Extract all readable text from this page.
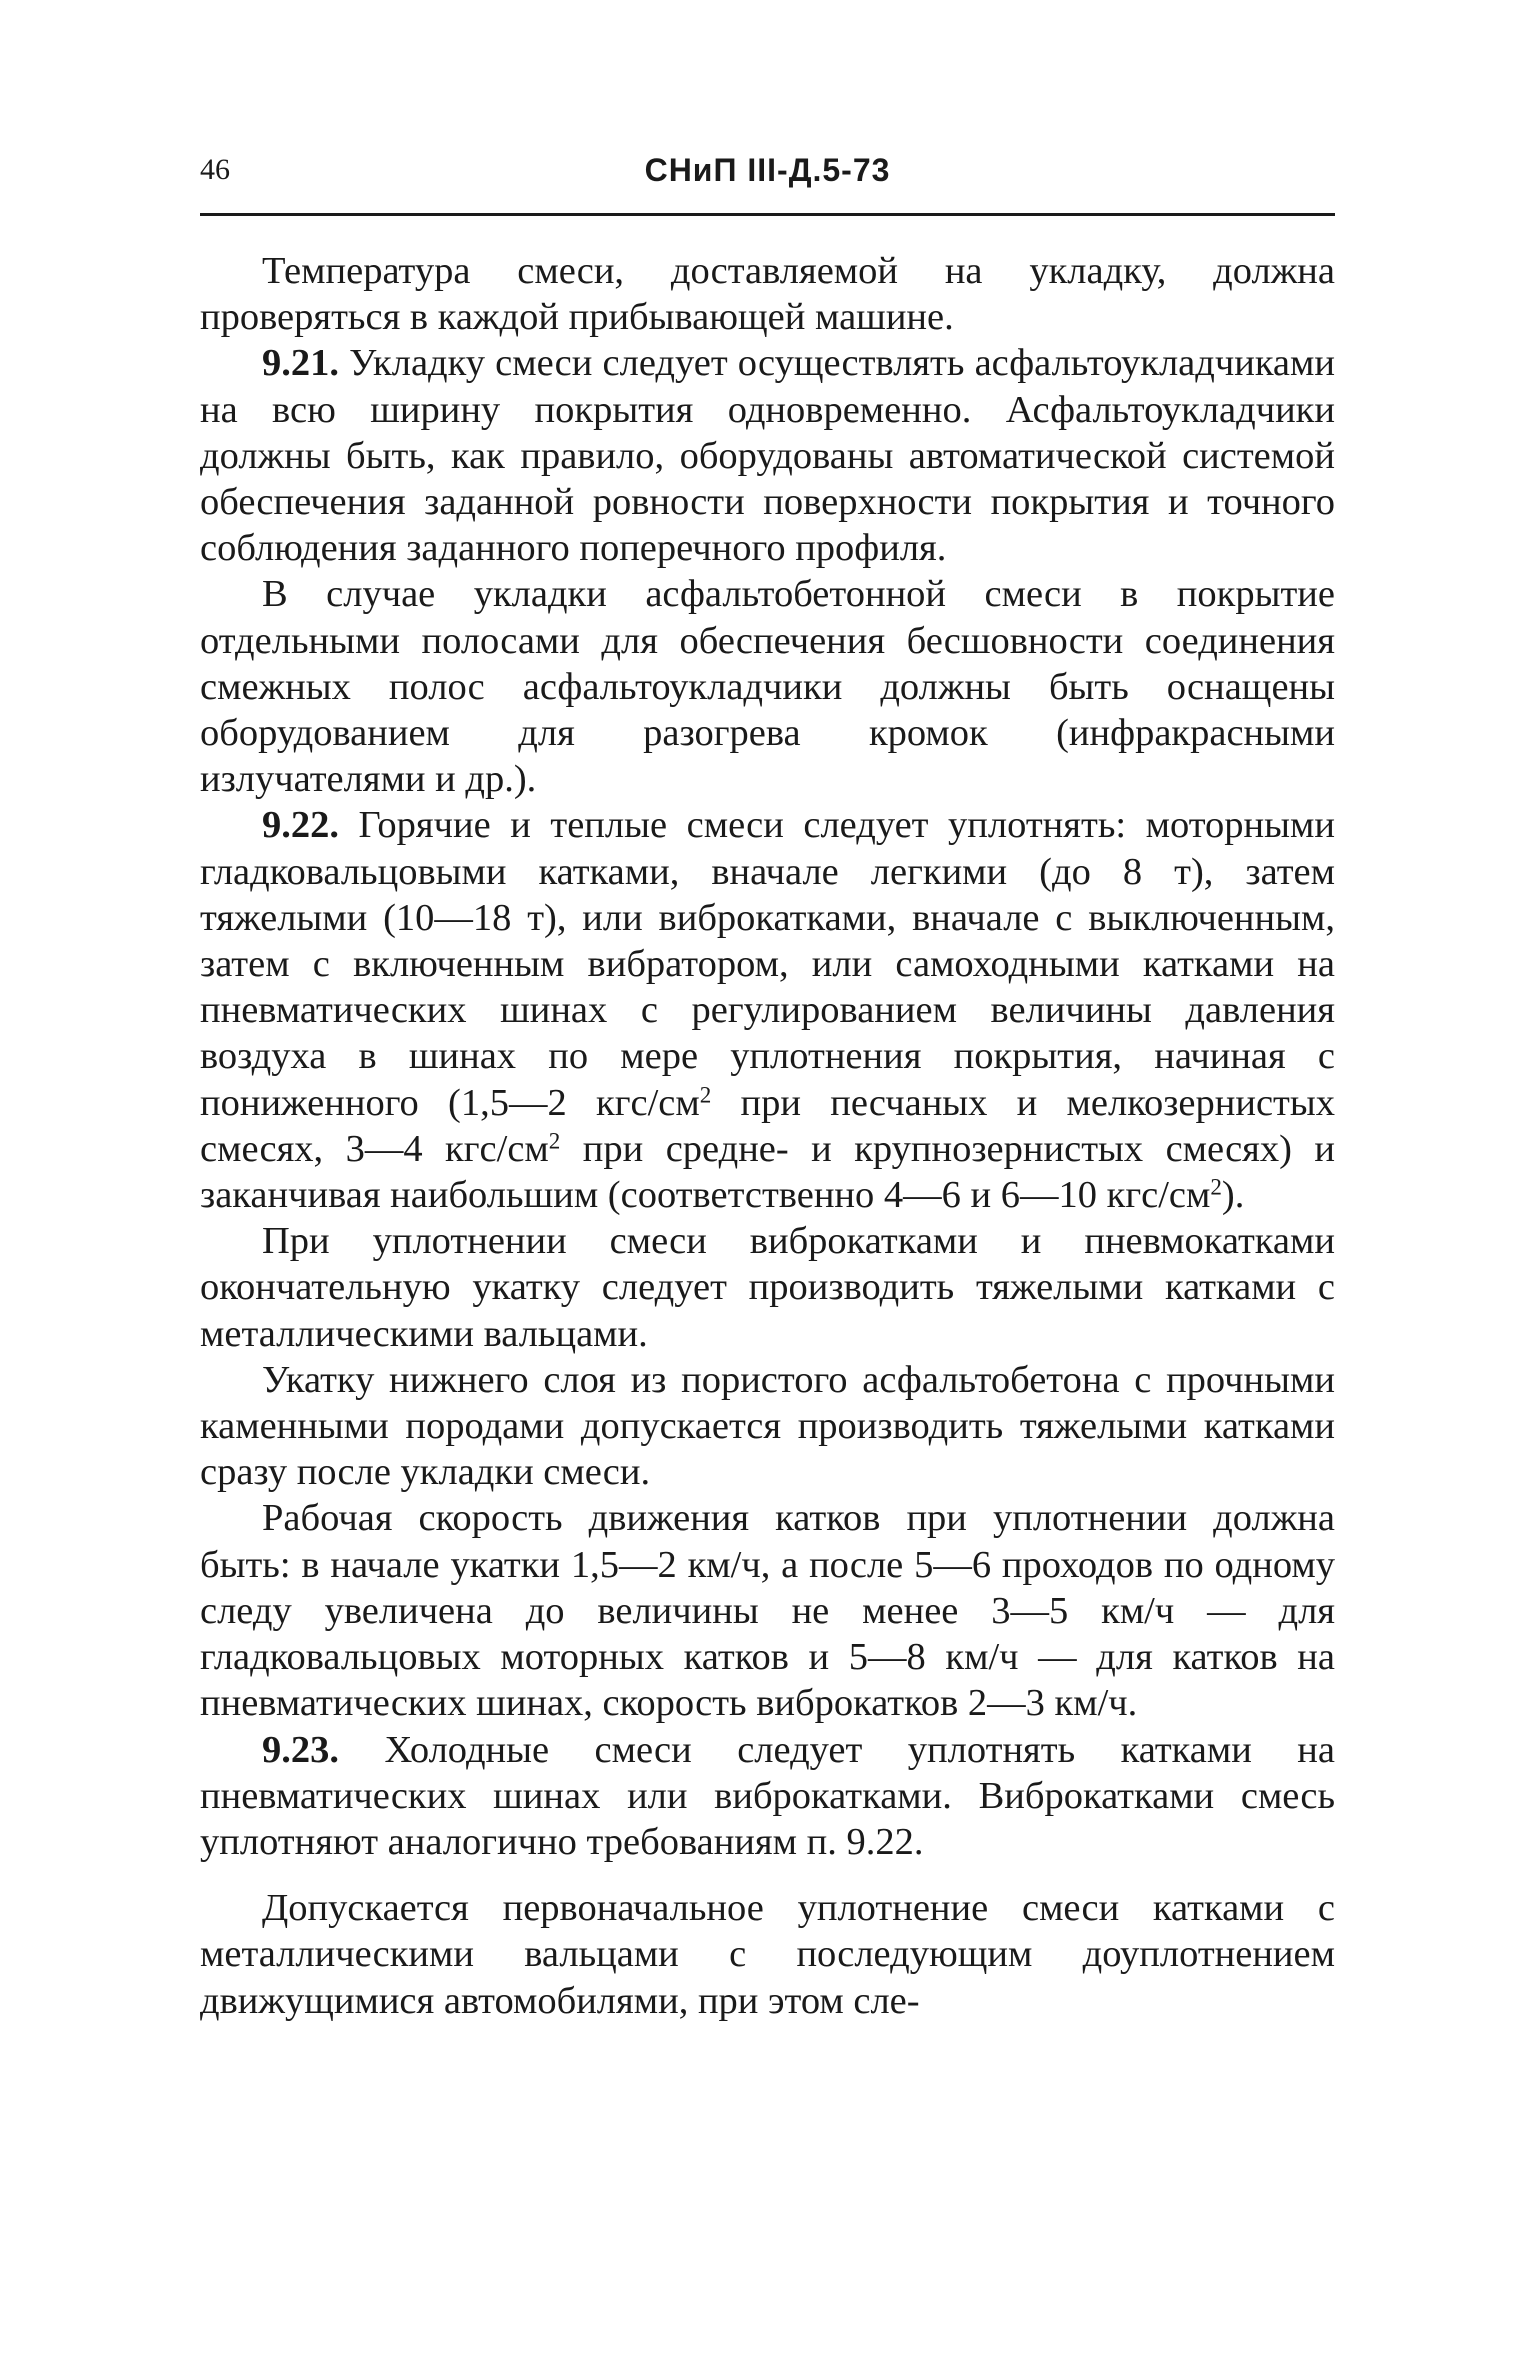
46	СНиП III-Д.5-73

Температура смеси, доставляемой на укладку, должна проверяться в каждой прибывающей машине.

9.21. Укладку смеси следует осуществлять асфальтоукладчиками на всю ширину покрытия одновременно. Асфальтоукладчики должны быть, как правило, оборудованы автоматической системой обеспечения заданной ровности поверхности покрытия и точного соблюдения заданного поперечного профиля.

В случае укладки асфальтобетонной смеси в покрытие отдельными полосами для обеспечения бесшовности соединения смежных полос асфальтоукладчики должны быть оснащены оборудованием для разогрева кромок (инфракрасными излучателями и др.).

9.22. Горячие и теплые смеси следует уплотнять: моторными гладковальцовыми катками, вначале легкими (до 8 т), затем тяжелыми (10—18 т), или виброкатками, вначале с выключенным, затем с включенным вибратором, или самоходными катками на пневматических шинах с регулированием величины давления воздуха в шинах по мере уплотнения покрытия, начиная с пониженного (1,5—2 кгс/$см^2$ при песчаных и мелкозернистых смесях, 3—4 кгс/$см^2$ при средне- и крупнозернистых смесях) и заканчивая наибольшим (соответственно 4—6 и 6—10 кгс/$см^2$).

При уплотнении смеси виброкатками и пневмокатками окончательную укатку следует производить тяжелыми катками с металлическими вальцами.

Укатку нижнего слоя из пористого асфальтобетона с прочными каменными породами допускается производить тяжелыми катками сразу после укладки смеси.

Рабочая скорость движения катков при уплотнении должна быть: в начале укатки 1,5—2 км/ч, а после 5—6 проходов по одному следу увеличена до величины не менее 3—5 км/ч — для гладковальцовых моторных катков и 5—8 км/ч — для катков на пневматических шинах, скорость виброкатков 2—3 км/ч.

9.23. Холодные смеси следует уплотнять катками на пневматических шинах или виброкатками. Виброкатками смесь уплотняют аналогично требованиям п. 9.22.

Допускается первоначальное уплотнение смеси катками с металлическими вальцами с последующим доуплотнением движущимися автомобилями, при этом сле-
